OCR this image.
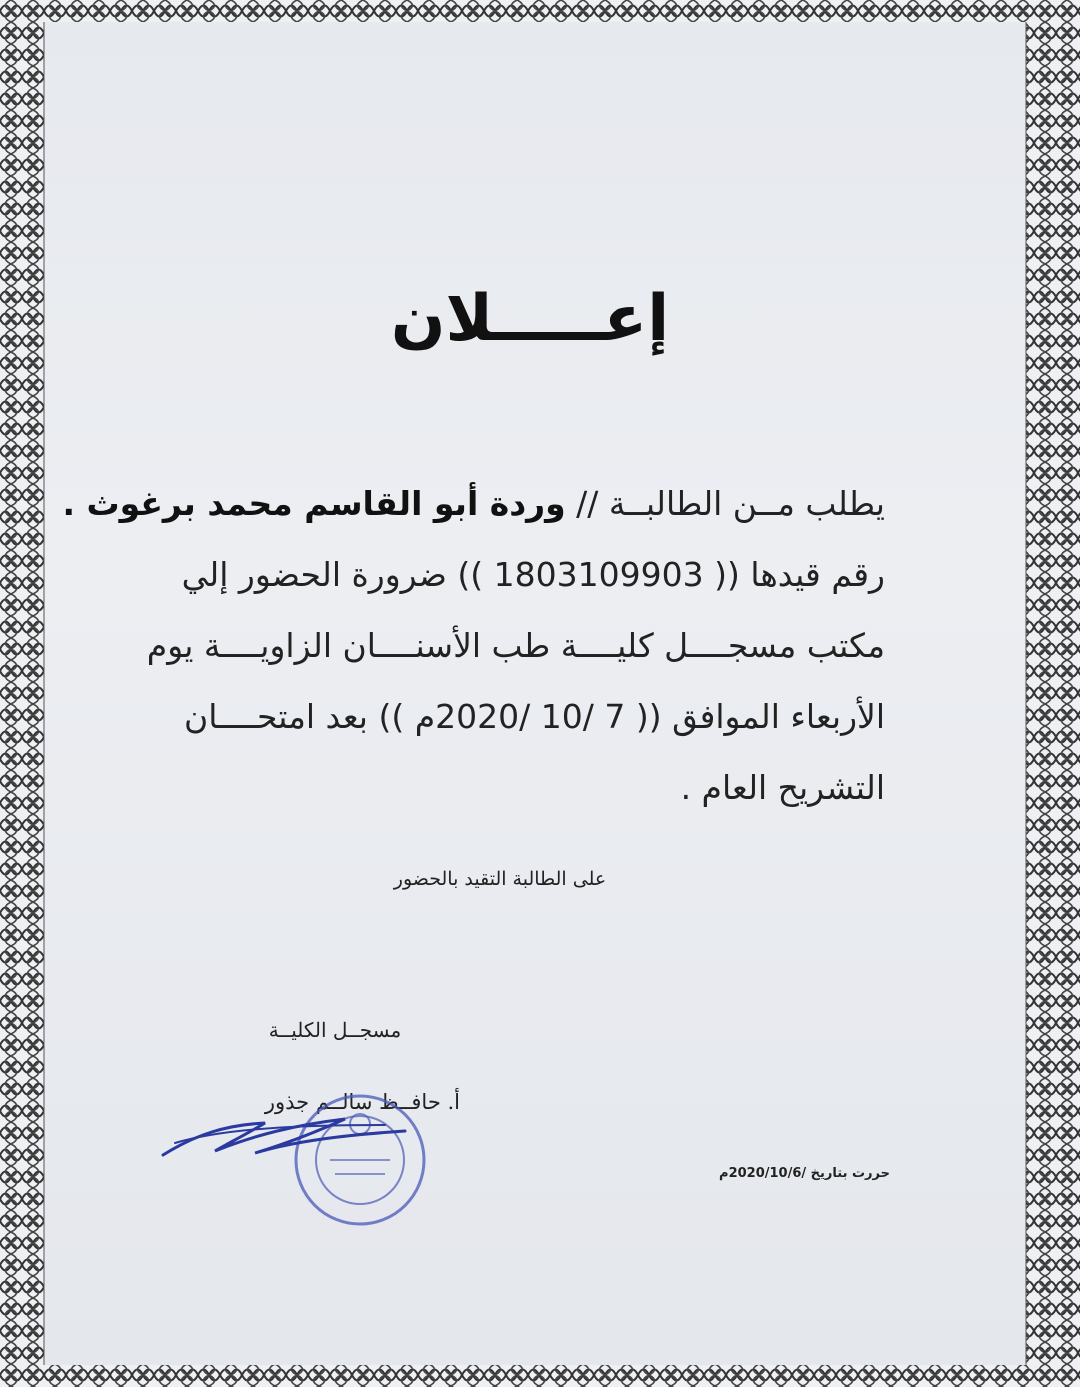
إعـــــلان
يطلب مــن الطالبــة // وردة أبو القاسم محمد برغوث .
رقم قيدها (( 1803109903 )) ضرورة الحضور إلي
مكتب مسجــــل كليــــة طب الأسنــــان الزاويــــة يوم
الأربعاء الموافق (( 7 /10 /2020م )) بعد امتحــــان
التشريح العام .
على الطالبة التقيد بالحضور
مسجــل الكليــة
أ. حافــظ سالــم جذور
حررت بتاريخ /2020/10/6م
